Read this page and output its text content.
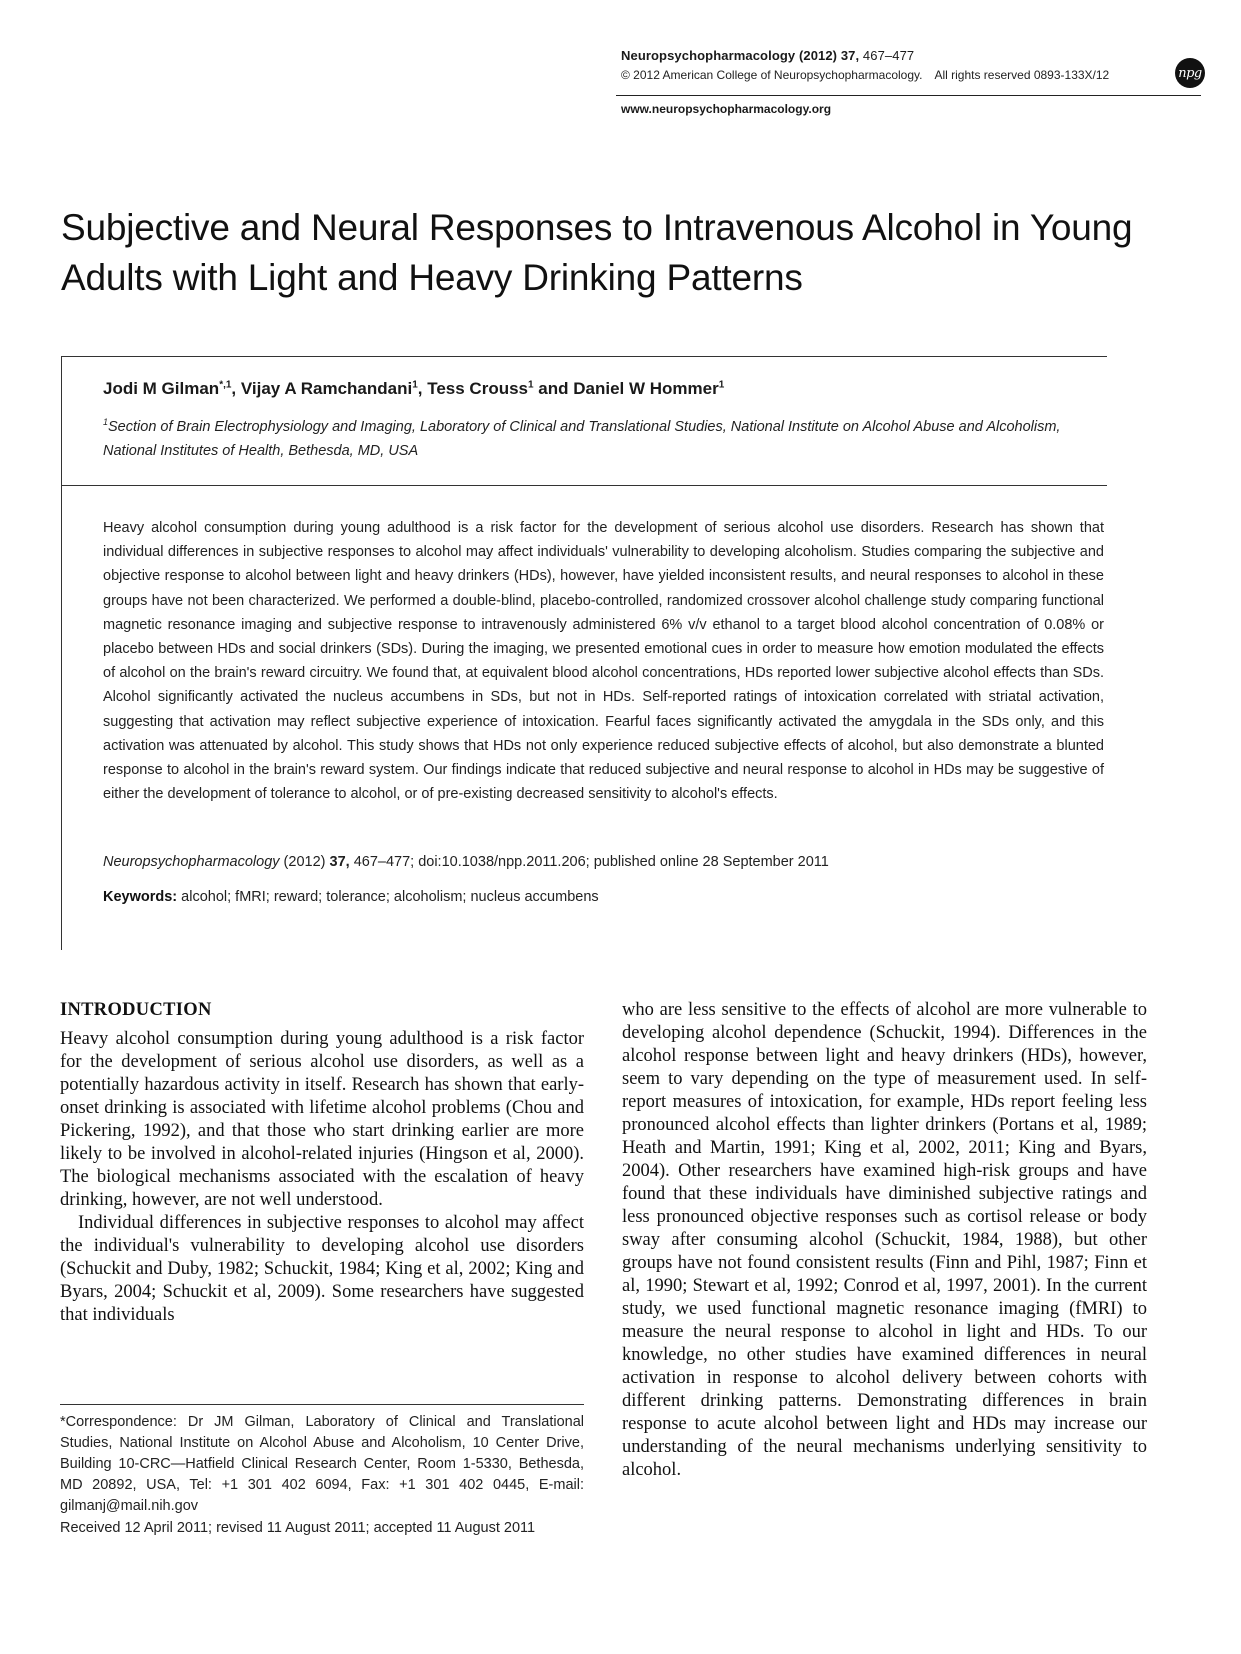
Neuropsychopharmacology (2012) 37, 467–477
© 2012 American College of Neuropsychopharmacology. All rights reserved 0893-133X/12	npg
www.neuropsychopharmacology.org
Subjective and Neural Responses to Intravenous Alcohol in Young Adults with Light and Heavy Drinking Patterns
Jodi M Gilman$^{*,1}$, Vijay A Ramchandani$^1$, Tess Crouss$^1$ and Daniel W Hommer$^1$
$^1$Section of Brain Electrophysiology and Imaging, Laboratory of Clinical and Translational Studies, National Institute on Alcohol Abuse and Alcoholism, National Institutes of Health, Bethesda, MD, USA

Heavy alcohol consumption during young adulthood is a risk factor for the development of serious alcohol use disorders. Research has shown that individual differences in subjective responses to alcohol may affect individuals' vulnerability to developing alcoholism. Studies comparing the subjective and objective response to alcohol between light and heavy drinkers (HDs), however, have yielded inconsistent results, and neural responses to alcohol in these groups have not been characterized. We performed a double-blind, placebo-controlled, randomized crossover alcohol challenge study comparing functional magnetic resonance imaging and subjective response to intravenously administered 6% v/v ethanol to a target blood alcohol concentration of 0.08% or placebo between HDs and social drinkers (SDs). During the imaging, we presented emotional cues in order to measure how emotion modulated the effects of alcohol on the brain's reward circuitry. We found that, at equivalent blood alcohol concentrations, HDs reported lower subjective alcohol effects than SDs. Alcohol significantly activated the nucleus accumbens in SDs, but not in HDs. Self-reported ratings of intoxication correlated with striatal activation, suggesting that activation may reflect subjective experience of intoxication. Fearful faces significantly activated the amygdala in the SDs only, and this activation was attenuated by alcohol. This study shows that HDs not only experience reduced subjective effects of alcohol, but also demonstrate a blunted response to alcohol in the brain's reward system. Our findings indicate that reduced subjective and neural response to alcohol in HDs may be suggestive of either the development of tolerance to alcohol, or of pre-existing decreased sensitivity to alcohol's effects.

Neuropsychopharmacology (2012) 37, 467–477; doi:10.1038/npp.2011.206; published online 28 September 2011
Keywords: alcohol; fMRI; reward; tolerance; alcoholism; nucleus accumbens
INTRODUCTION

Heavy alcohol consumption during young adulthood is a risk factor for the development of serious alcohol use disorders, as well as a potentially hazardous activity in itself. Research has shown that early-onset drinking is associated with lifetime alcohol problems (Chou and Pickering, 1992), and that those who start drinking earlier are more likely to be involved in alcohol-related injuries (Hingson et al, 2000). The biological mechanisms associated with the escalation of heavy drinking, however, are not well understood.

Individual differences in subjective responses to alcohol may affect the individual's vulnerability to developing alcohol use disorders (Schuckit and Duby, 1982; Schuckit, 1984; King et al, 2002; King and Byars, 2004; Schuckit et al, 2009). Some researchers have suggested that individuals

who are less sensitive to the effects of alcohol are more vulnerable to developing alcohol dependence (Schuckit, 1994). Differences in the alcohol response between light and heavy drinkers (HDs), however, seem to vary depending on the type of measurement used. In self-report measures of intoxication, for example, HDs report feeling less pronounced alcohol effects than lighter drinkers (Portans et al, 1989; Heath and Martin, 1991; King et al, 2002, 2011; King and Byars, 2004). Other researchers have examined high-risk groups and have found that these individuals have diminished subjective ratings and less pronounced objective responses such as cortisol release or body sway after consuming alcohol (Schuckit, 1984, 1988), but other groups have not found consistent results (Finn and Pihl, 1987; Finn et al, 1990; Stewart et al, 1992; Conrod et al, 1997, 2001). In the current study, we used functional magnetic resonance imaging (fMRI) to measure the neural response to alcohol in light and HDs. To our knowledge, no other studies have examined differences in neural activation in response to alcohol delivery between cohorts with different drinking patterns. Demonstrating differences in brain response to acute alcohol between light and HDs may increase our understanding of the neural mechanisms underlying sensitivity to alcohol.

*Correspondence: Dr JM Gilman, Laboratory of Clinical and Translational Studies, National Institute on Alcohol Abuse and Alcoholism, 10 Center Drive, Building 10-CRC—Hatfield Clinical Research Center, Room 1-5330, Bethesda, MD 20892, USA, Tel: +1 301 402 6094, Fax: +1 301 402 0445, E-mail: gilmanj@mail.nih.gov

Received 12 April 2011; revised 11 August 2011; accepted 11 August 2011
